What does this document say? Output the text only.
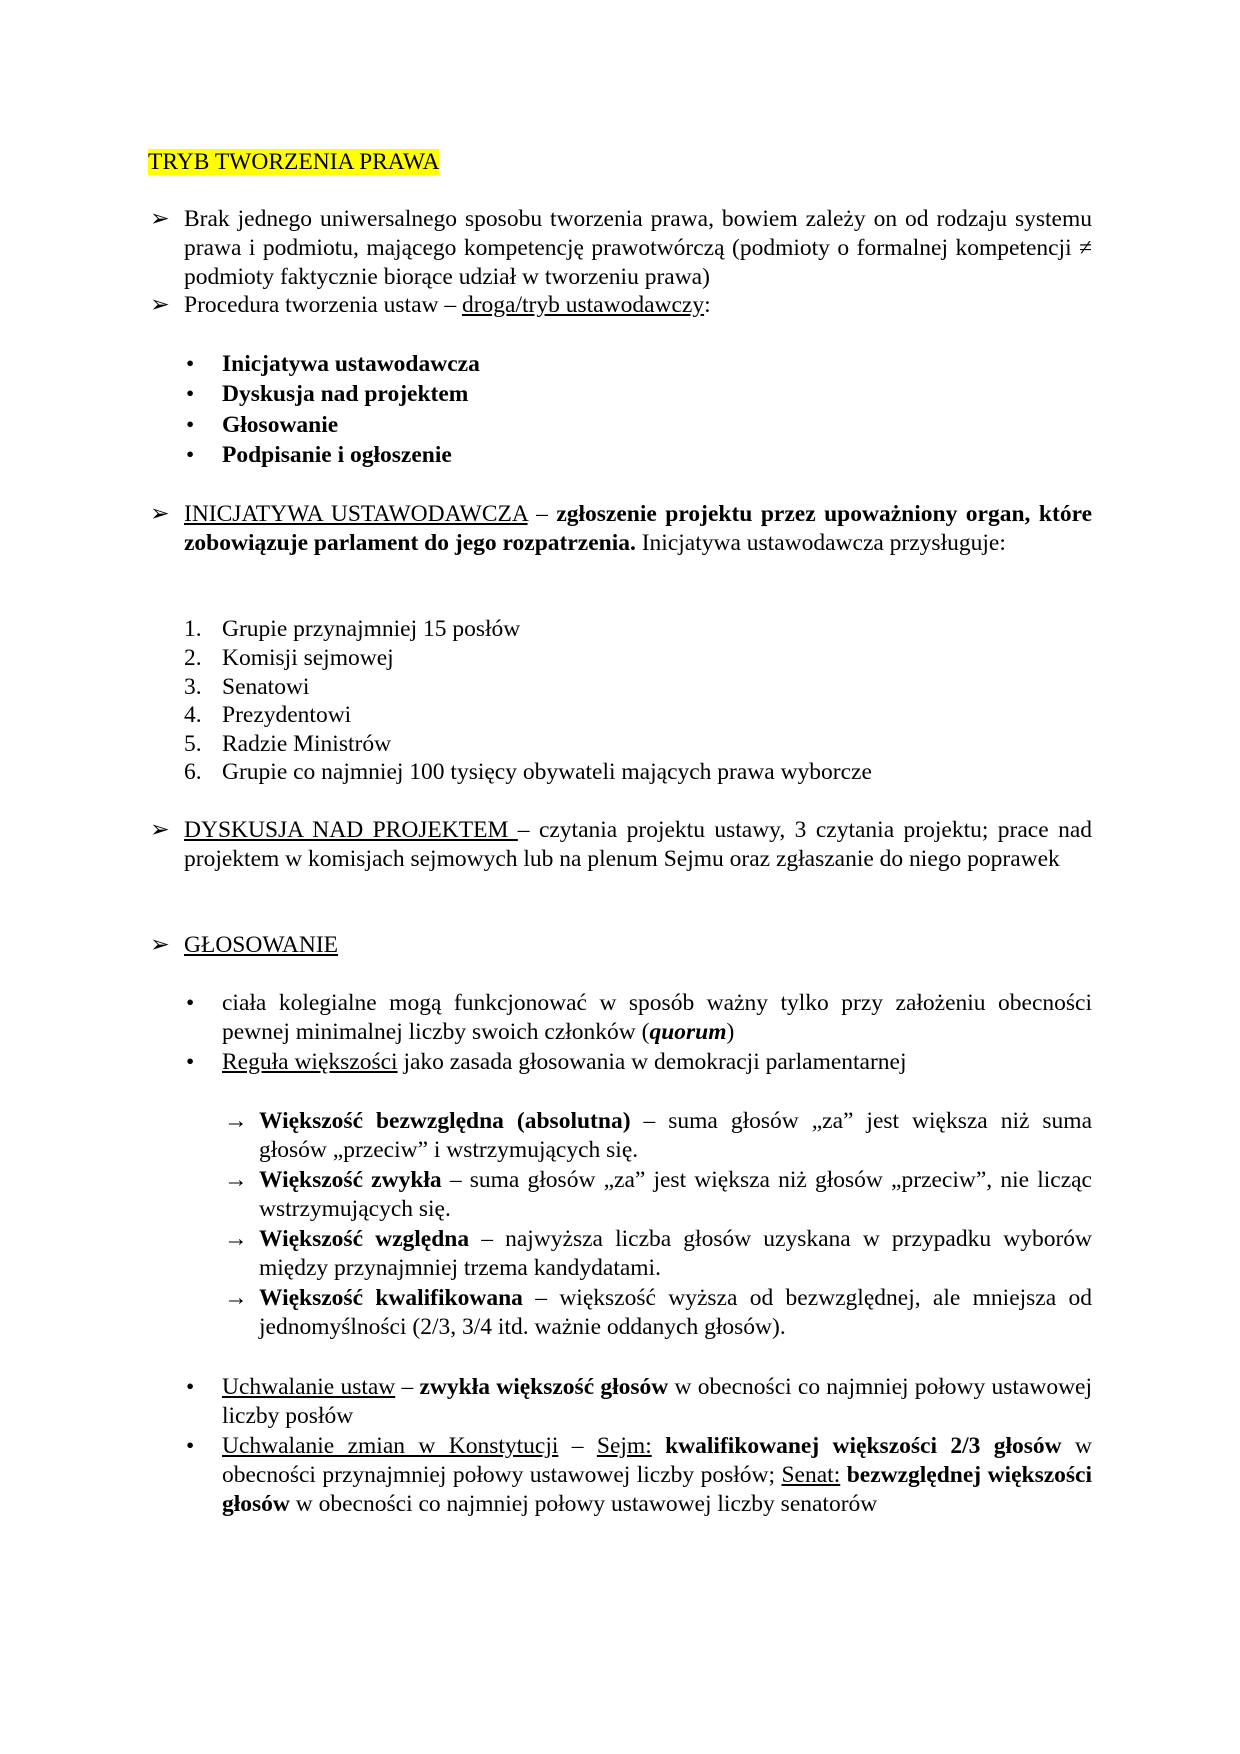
TRYB TWORZENIA PRAWA
➢ Brak jednego uniwersalnego sposobu tworzenia prawa, bowiem zależy on od rodzaju systemu prawa i podmiotu, mającego kompetencję prawotwórczą (podmioty o formalnej kompetencji ≠ podmioty faktycznie biorące udział w tworzeniu prawa)
➢ Procedura tworzenia ustaw – droga/tryb ustawodawczy:
• Inicjatywa ustawodawcza
• Dyskusja nad projektem
• Głosowanie
• Podpisanie i ogłoszenie
➢ INICJATYWA USTAWODAWCZA – zgłoszenie projektu przez upoważniony organ, które zobowiązuje parlament do jego rozpatrzenia. Inicjatywa ustawodawcza przysługuje:
1. Grupie przynajmniej 15 posłów
2. Komisji sejmowej
3. Senatowi
4. Prezydentowi
5. Radzie Ministrów
6. Grupie co najmniej 100 tysięcy obywateli mających prawa wyborcze
➢ DYSKUSJA NAD PROJEKTEM – czytania projektu ustawy, 3 czytania projektu; prace nad projektem w komisjach sejmowych lub na plenum Sejmu oraz zgłaszanie do niego poprawek
➢ GŁOSOWANIE
• ciała kolegialne mogą funkcjonować w sposób ważny tylko przy założeniu obecności pewnej minimalnej liczby swoich członków (quorum)
• Reguła większości jako zasada głosowania w demokracji parlamentarnej
→ Większość bezwzględna (absolutna) – suma głosów „za” jest większa niż suma głosów „przeciw” i wstrzymujących się.
→ Większość zwykła – suma głosów „za” jest większa niż głosów „przeciw”, nie licząc wstrzymujących się.
→ Większość względna – najwyższa liczba głosów uzyskana w przypadku wyborów między przynajmniej trzema kandydatami.
→ Większość kwalifikowana – większość wyższa od bezwzględnej, ale mniejsza od jednomyślności (2/3, 3/4 itd. ważnie oddanych głosów).
• Uchwalanie ustaw – zwykła większość głosów w obecności co najmniej połowy ustawowej liczby posłów
• Uchwalanie zmian w Konstytucji – Sejm: kwalifikowanej większości 2/3 głosów w obecności przynajmniej połowy ustawowej liczby posłów; Senat: bezwzględnej większości głosów w obecności co najmniej połowy ustawowej liczby senatorów
